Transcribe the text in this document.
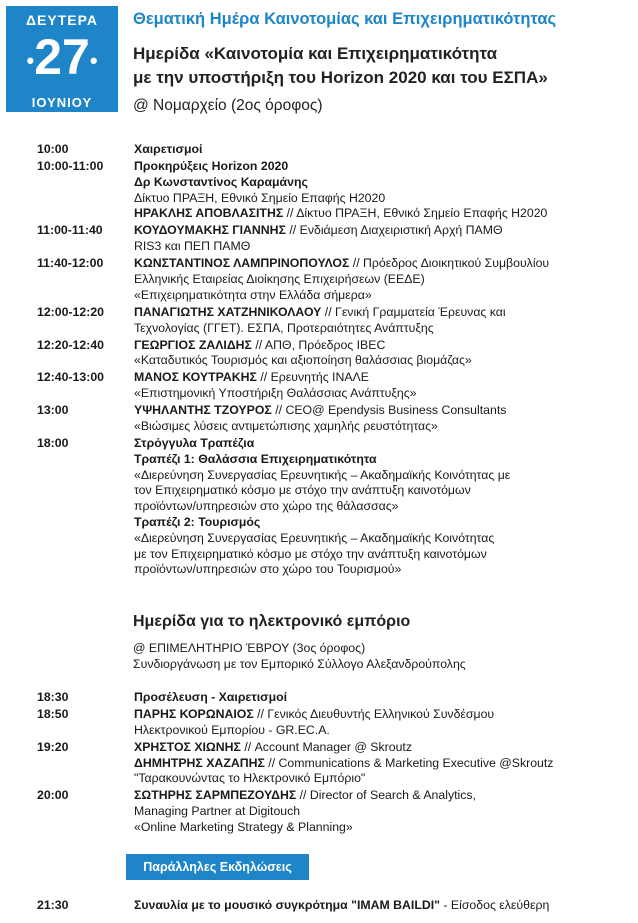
ΔΕΥΤΕΡΑ
•27•
ΙΟΥΝΙΟΥ
Θεματική Ημέρα Καινοτομίας και Επιχειρηματικότητας
Ημερίδα «Καινοτομία και Επιχειρηματικότητα
με την υποστήριξη του Horizon 2020 και του ΕΣΠΑ»
@ Νομαρχείο (2ος όροφος)
10:00	Χαιρετισμοί
10:00-11:00	Προκηρύξεις Horizon 2020
Δρ Κωνσταντίνος Καραμάνης
Δίκτυο ΠΡΑΞΗ, Εθνικό Σημείο Επαφής H2020
ΗΡΑΚΛΗΣ ΑΠΟΒΛΑΣΙΤΗΣ // Δίκτυο ΠΡΑΞΗ, Εθνικό Σημείο Επαφής H2020
11:00-11:40	ΚΟΥΔΟΥΜΑΚΗΣ ΓΙΑΝΝΗΣ // Ενδιάμεση Διαχειριστική Αρχή ΠΑΜΘ
RIS3 και ΠΕΠ ΠΑΜΘ
11:40-12:00	ΚΩΝΣΤΑΝΤΙΝΟΣ ΛΑΜΠΡΙΝΟΠΟΥΛΟΣ // Πρόεδρος Διοικητικού Συμβουλίου
Ελληνικής Εταιρείας Διοίκησης Επιχειρήσεων (ΕΕΔΕ)
«Επιχειρηματικότητα στην Ελλάδα σήμερα»
12:00-12:20	ΠΑΝΑΓΙΩΤΗΣ ΧΑΤΖΗΝΙΚΟΛΑΟΥ // Γενική Γραμματεία Έρευνας και
Τεχνολογίας (ΓΓΕΤ). ΕΣΠΑ, Προτεραιότητες Ανάπτυξης
12:20-12:40	ΓΕΩΡΓΙΟΣ ΖΑΛΙΔΗΣ // ΑΠΘ, Πρόεδρος IBEC
«Καταδυτικός Τουρισμός και αξιοποίηση θαλάσσιας βιομάζας»
12:40-13:00	ΜΑΝΟΣ ΚΟΥΤΡΑΚΗΣ // Ερευνητής ΙΝΑΛΕ
«Επιστημονική Υποστήριξη Θαλάσσιας Ανάπτυξης»
13:00	ΥΨΗΛΑΝΤΗΣ ΤΖΟΥΡΟΣ // CEO@ Ependysis Business Consultants
«Βιώσιμες λύσεις αντιμετώπισης χαμηλής ρευστότητας»
18:00	Στρόγγυλα Τραπέζια
Τραπέζι 1: Θαλάσσια Επιχειρηματικότητα
«Διερεύνηση Συνεργασίας Ερευνητικής – Ακαδημαϊκής Κοινότητας με
τον Επιχειρηματικό κόσμο με στόχο την ανάπτυξη καινοτόμων
προϊόντων/υπηρεσιών στο χώρο της θάλασσας»
Τραπέζι 2: Τουρισμός
«Διερεύνηση Συνεργασίας Ερευνητικής – Ακαδημαϊκής Κοινότητας
με τον Επιχειρηματικό κόσμο με στόχο την ανάπτυξη καινοτόμων
προϊόντων/υπηρεσιών στο χώρο του Τουρισμού»
Ημερίδα για το ηλεκτρονικό εμπόριο
@ ΕΠΙΜΕΛΗΤΗΡΙΟ ΈΒΡΟΥ (3ος όροφος)
Συνδιοργάνωση με τον Εμπορικό Σύλλογο Αλεξανδρούπολης
18:30	Προσέλευση - Χαιρετισμοί
18:50	ΠΑΡΗΣ ΚΟΡΩΝΑΙΟΣ // Γενικός Διευθυντής Ελληνικού Συνδέσμου
Ηλεκτρονικού Εμπορίου - GR.EC.A.
19:20	ΧΡΗΣΤΟΣ ΧΙΩΝΗΣ // Account Manager @ Skroutz
ΔΗΜΗΤΡΗΣ ΧΑΖΑΠΗΣ // Communications & Marketing Executive @Skroutz
"Ταρακουνώντας το Ηλεκτρονικό Εμπόριο"
20:00	ΣΩΤΗΡΗΣ ΣΑΡΜΠΕΖΟΥΔΗΣ // Director of Search & Analytics,
Managing Partner at Digitouch
«Online Marketing Strategy & Planning»
Παράλληλες Εκδηλώσεις
21:30	Συναυλία με το μουσικό συγκρότημα "IMAM BAILDI" - Είσοδος ελεύθερη
